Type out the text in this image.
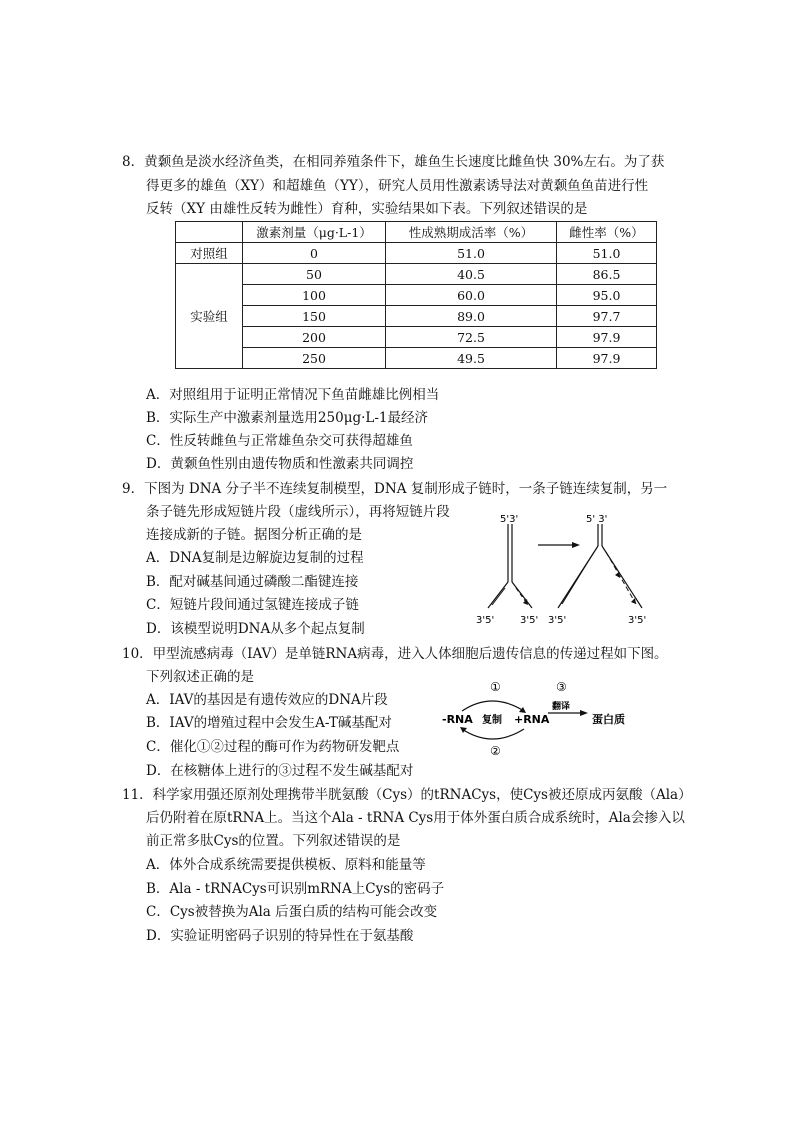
8．黄颡鱼是淡水经济鱼类，在相同养殖条件下，雄鱼生长速度比雌鱼快 30%左右。为了获
得更多的雄鱼（XY）和超雄鱼（YY），研究人员用性激素诱导法对黄颡鱼鱼苗进行性
反转（XY 由雄性反转为雌性）育种，实验结果如下表。下列叙述错误的是
	激素剂量（μg·L-1）	性成熟期成活率（%）	雌性率（%）
对照组	0	51.0	51.0
实验组	50	40.5	86.5
	100	60.0	95.0
	150	89.0	97.7
	200	72.5	97.9
	250	49.5	97.9
A．对照组用于证明正常情况下鱼苗雌雄比例相当
B．实际生产中激素剂量选用250μg·L-1最经济
C．性反转雌鱼与正常雄鱼杂交可获得超雄鱼
D．黄颡鱼性别由遗传物质和性激素共同调控
9．下图为 DNA 分子半不连续复制模型，DNA 复制形成子链时，一条子链连续复制，另一
条子链先形成短链片段（虚线所示），再将短链片段
连接成新的子链。据图分析正确的是
A．DNA复制是边解旋边复制的过程
B．配对碱基间通过磷酸二酯键连接
C．短链片段间通过氢键连接成子链
D．该模型说明DNA从多个起点复制
5'3'	5' 3'
3'5'	3'5' 3'5'	3'5'
10．甲型流感病毒（IAV）是单链RNA病毒，进入人体细胞后遗传信息的传递过程如下图。
下列叙述正确的是
A．IAV的基因是有遗传效应的DNA片段
B．IAV的增殖过程中会发生A-T碱基配对
C．催化①②过程的酶可作为药物研发靶点
D．在核糖体上进行的③过程不发生碱基配对
①	③
翻译
-RNA 复制 +RNA	蛋白质
②
11．科学家用强还原剂处理携带半胱氨酸（Cys）的tRNACys，使Cys被还原成丙氨酸（Ala）
后仍附着在原tRNA上。当这个Ala - tRNA Cys用于体外蛋白质合成系统时，Ala会掺入以
前正常多肽Cys的位置。下列叙述错误的是
A．体外合成系统需要提供模板、原料和能量等
B．Ala - tRNACys可识别mRNA上Cys的密码子
C．Cys被替换为Ala 后蛋白质的结构可能会改变
D．实验证明密码子识别的特异性在于氨基酸
